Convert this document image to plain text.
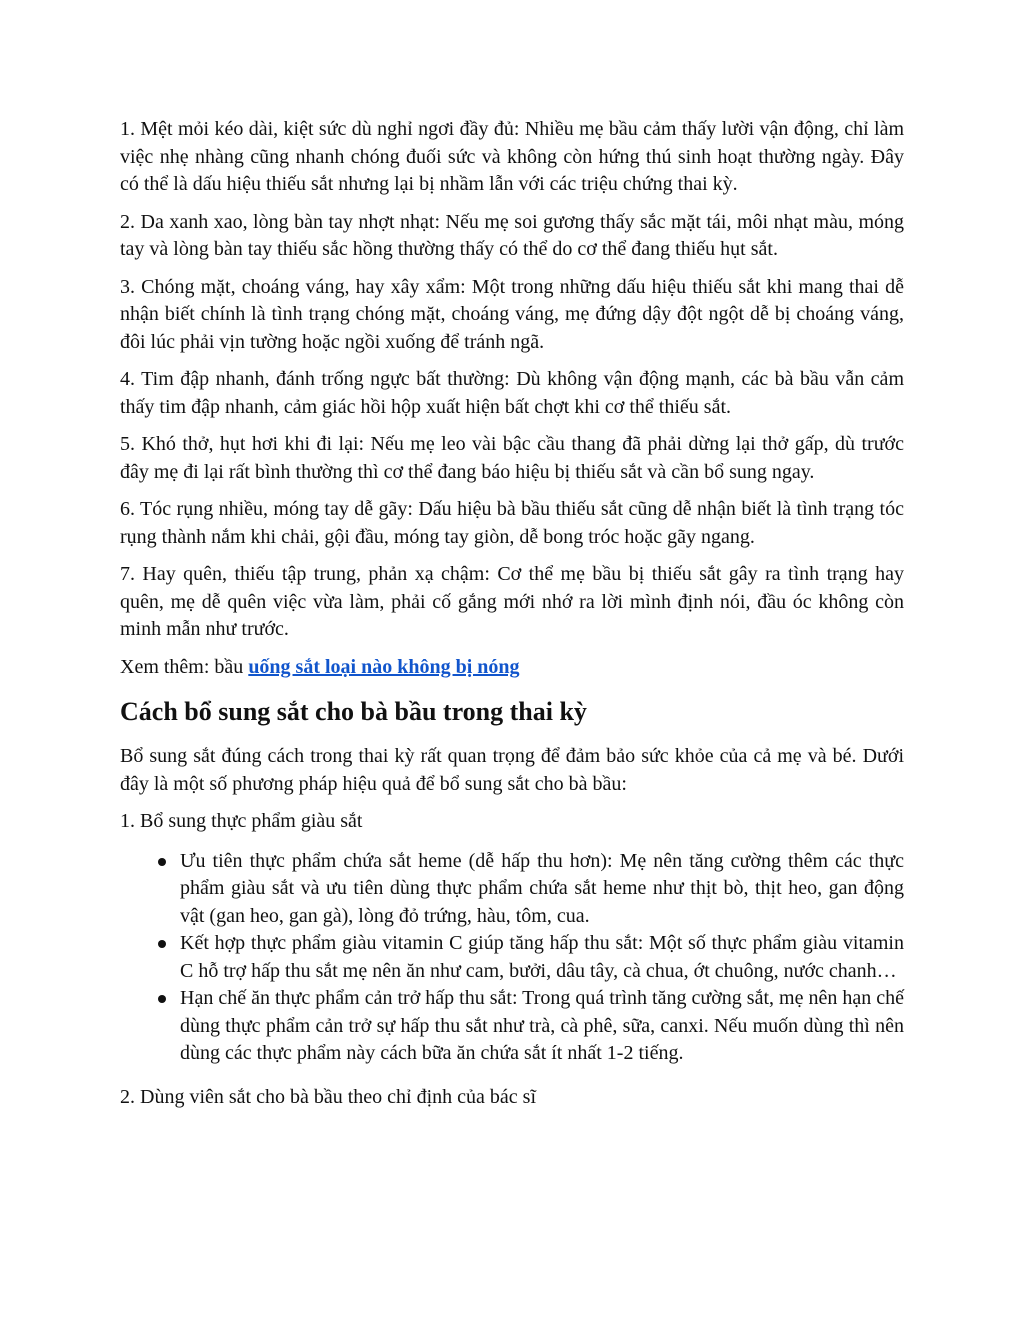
1. Mệt mỏi kéo dài, kiệt sức dù nghỉ ngơi đầy đủ: Nhiều mẹ bầu cảm thấy lười vận động, chỉ làm việc nhẹ nhàng cũng nhanh chóng đuối sức và không còn hứng thú sinh hoạt thường ngày. Đây có thể là dấu hiệu thiếu sắt nhưng lại bị nhầm lẫn với các triệu chứng thai kỳ.

2. Da xanh xao, lòng bàn tay nhợt nhạt: Nếu mẹ soi gương thấy sắc mặt tái, môi nhạt màu, móng tay và lòng bàn tay thiếu sắc hồng thường thấy có thể do cơ thể đang thiếu hụt sắt.

3. Chóng mặt, choáng váng, hay xây xẩm: Một trong những dấu hiệu thiếu sắt khi mang thai dễ nhận biết chính là tình trạng chóng mặt, choáng váng, mẹ đứng dậy đột ngột dễ bị choáng váng, đôi lúc phải vịn tường hoặc ngồi xuống để tránh ngã.

4. Tim đập nhanh, đánh trống ngực bất thường: Dù không vận động mạnh, các bà bầu vẫn cảm thấy tim đập nhanh, cảm giác hồi hộp xuất hiện bất chợt khi cơ thể thiếu sắt.

5. Khó thở, hụt hơi khi đi lại: Nếu mẹ leo vài bậc cầu thang đã phải dừng lại thở gấp, dù trước đây mẹ đi lại rất bình thường thì cơ thể đang báo hiệu bị thiếu sắt và cần bổ sung ngay.

6. Tóc rụng nhiều, móng tay dễ gãy: Dấu hiệu bà bầu thiếu sắt cũng dễ nhận biết là tình trạng tóc rụng thành nắm khi chải, gội đầu, móng tay giòn, dễ bong tróc hoặc gãy ngang.

7. Hay quên, thiếu tập trung, phản xạ chậm: Cơ thể mẹ bầu bị thiếu sắt gây ra tình trạng hay quên, mẹ dễ quên việc vừa làm, phải cố gắng mới nhớ ra lời mình định nói, đầu óc không còn minh mẫn như trước.

Xem thêm: bầu uống sắt loại nào không bị nóng

Cách bổ sung sắt cho bà bầu trong thai kỳ

Bổ sung sắt đúng cách trong thai kỳ rất quan trọng để đảm bảo sức khỏe của cả mẹ và bé. Dưới đây là một số phương pháp hiệu quả để bổ sung sắt cho bà bầu:

1. Bổ sung thực phẩm giàu sắt

Ưu tiên thực phẩm chứa sắt heme (dễ hấp thu hơn): Mẹ nên tăng cường thêm các thực phẩm giàu sắt và ưu tiên dùng thực phẩm chứa sắt heme như thịt bò, thịt heo, gan động vật (gan heo, gan gà), lòng đỏ trứng, hàu, tôm, cua.
Kết hợp thực phẩm giàu vitamin C giúp tăng hấp thu sắt: Một số thực phẩm giàu vitamin C hỗ trợ hấp thu sắt mẹ nên ăn như cam, bưởi, dâu tây, cà chua, ớt chuông, nước chanh…
Hạn chế ăn thực phẩm cản trở hấp thu sắt: Trong quá trình tăng cường sắt, mẹ nên hạn chế dùng thực phẩm cản trở sự hấp thu sắt như trà, cà phê, sữa, canxi. Nếu muốn dùng thì nên dùng các thực phẩm này cách bữa ăn chứa sắt ít nhất 1-2 tiếng.

2. Dùng viên sắt cho bà bầu theo chỉ định của bác sĩ
